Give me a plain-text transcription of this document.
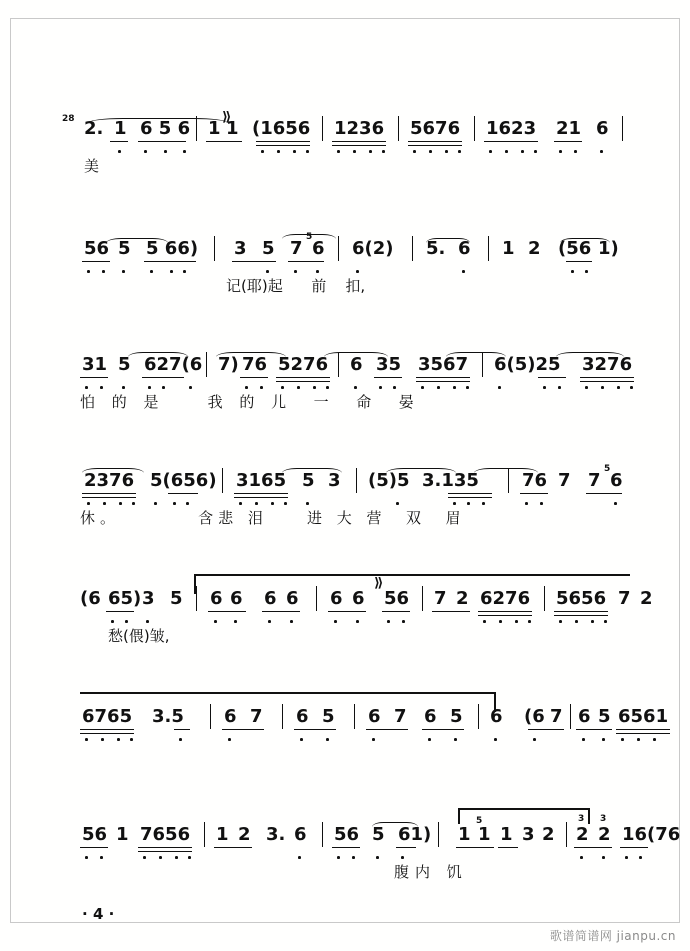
28 2. 1 6 5 6 1 1
⟫
(1656 1236 5676 1623 21 6
美
56 5 5 66) 3 5 7
5
6 6(2) 5. 6 1 2 (56 1)
记(耶)起      前    扣,
31 5 627(6 7) 76 5276 6 35 3567 6(5)25 3276
怕 的 是    我 的 儿  一  命  晏
2376 5(656) 3165 5 3 (5)5 3.135 76 7 7
5
6
休。        含悲 泪    进 大 营  双  眉
(6 65) 3 5 6 6 6 6 6 6
⟫
56 7 2 6276 5656 7 2
愁(偎)皱,
6765 3.5 6 7 6 5 6 7 6 5 6 (6 7 6 5 6561
56 1 7656 1 2 3. 6 56 5 61) 1 1
5
1 3 2
3 3
2 2 16(76
腹内 饥
· 4 ·
歌谱简谱网 jianpu.cn
